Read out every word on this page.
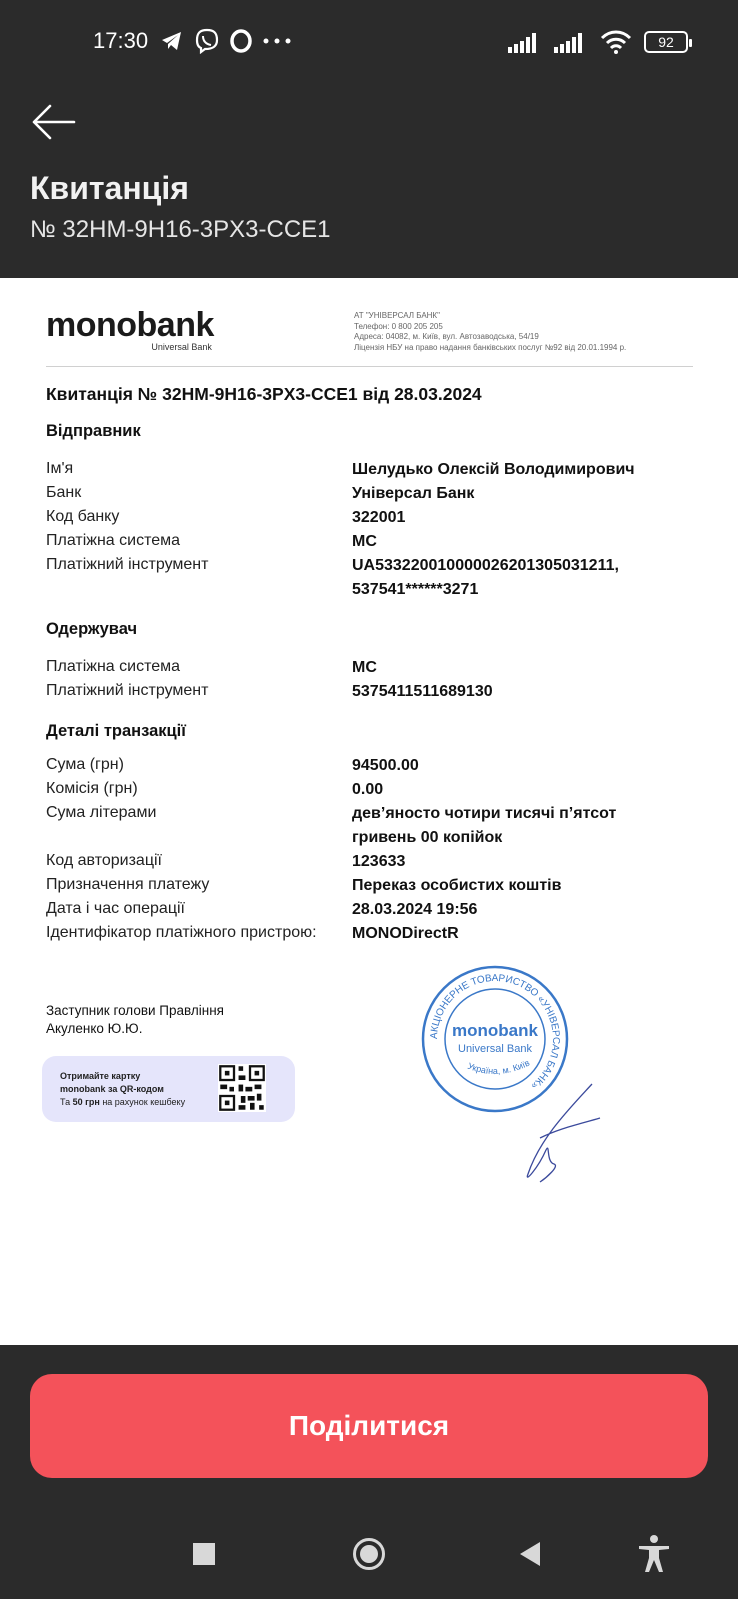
17:30	92
Квитанція
№ 32HM-9H16-3PX3-CCE1
monobank
Universal Bank
АТ "УНІВЕРСАЛ БАНК"
Телефон: 0 800 205 205
Адреса: 04082, м. Київ, вул. Автозаводська, 54/19
Ліцензія НБУ на право надання банківських послуг №92 від 20.01.1994 р.
Квитанція № 32HM-9H16-3PX3-CCE1 від 28.03.2024
Відправник
Ім'я	Шелудько Олексій Володимирович
Банк	Універсал Банк
Код банку	322001
Платіжна система	MC
Платіжний інструмент	UA533220010000026201305031211, 537541******3271
Одержувач
Платіжна система	MC
Платіжний інструмент	5375411511689130
Деталі транзакції
Сума (грн)	94500.00
Комісія (грн)	0.00
Сума літерами	дев’яносто чотири тисячі п’ятсот гривень 00 копійок
Код авторизації	123633
Призначення платежу	Переказ особистих коштів
Дата і час операції	28.03.2024 19:56
Ідентифікатор платіжного пристрою: MONODirectR
Заступник голови Правління
Акуленко Ю.Ю.
Отримайте картку
monobank за QR-кодом
Та 50 грн на рахунок кешбеку
АКЦІОНЕРНЕ ТОВАРИСТВО «УНІВЕРСАЛ БАНК»
monobank
Universal Bank
Україна, м. Київ
Поділитися
